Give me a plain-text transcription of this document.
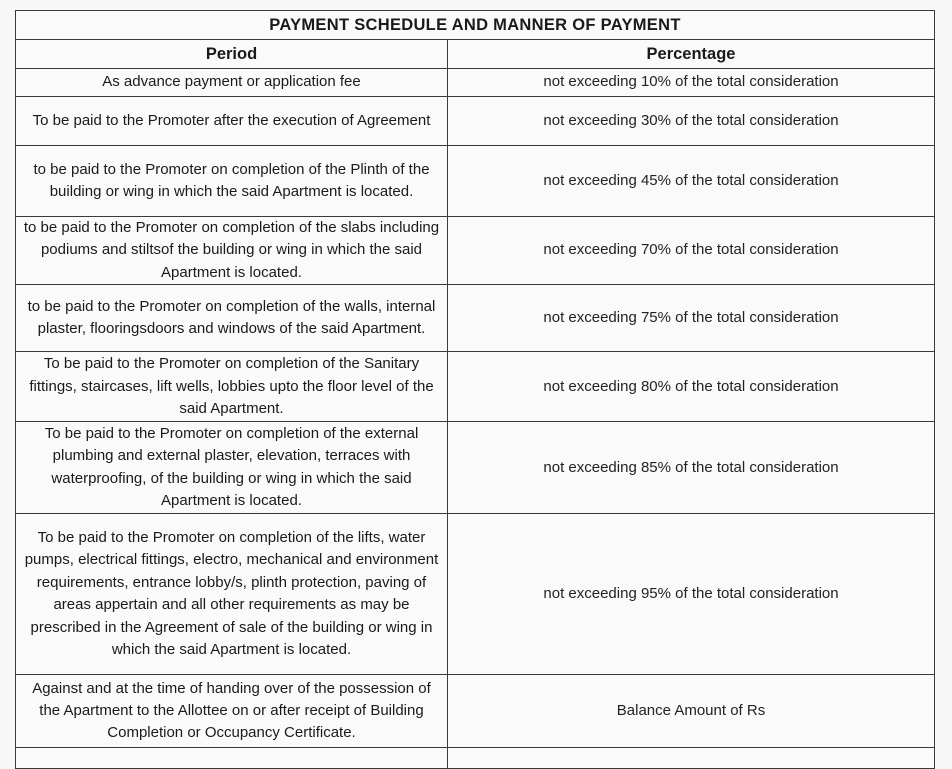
PAYMENT SCHEDULE AND MANNER OF PAYMENT	
Period	Percentage
As advance payment or application fee	not exceeding 10% of the total consideration
To be paid to the Promoter after the execution of Agreement	not exceeding 30% of the total consideration
to be paid to the Promoter on completion of the Plinth of the building or wing in which the said Apartment is located.	not exceeding 45% of the total consideration
to be paid to the Promoter on completion of the slabs including podiums and stiltsof the building or wing in which the said Apartment is located.	not exceeding 70% of the total consideration
to be paid to the Promoter on completion of the walls, internal plaster, flooringsdoors and windows of the said Apartment.	not exceeding 75% of the total consideration
To be paid to the Promoter on completion of the Sanitary fittings, staircases, lift wells, lobbies upto the floor level of the said Apartment.	not exceeding 80% of the total consideration
To be paid to the Promoter on completion of the external plumbing and external plaster, elevation, terraces with waterproofing, of the building or wing in which the said Apartment is located.	not exceeding 85% of the total consideration
To be paid to the Promoter on completion of the lifts, water pumps, electrical fittings, electro, mechanical and environment requirements, entrance lobby/s, plinth protection, paving of areas appertain and all other requirements as may be prescribed in the Agreement of sale of the building or wing in which the said Apartment is located.	not exceeding 95% of the total consideration
Against and at the time of handing over of the possession of the Apartment to the Allottee on or after receipt of Building Completion or Occupancy Certificate.	Balance Amount of Rs
